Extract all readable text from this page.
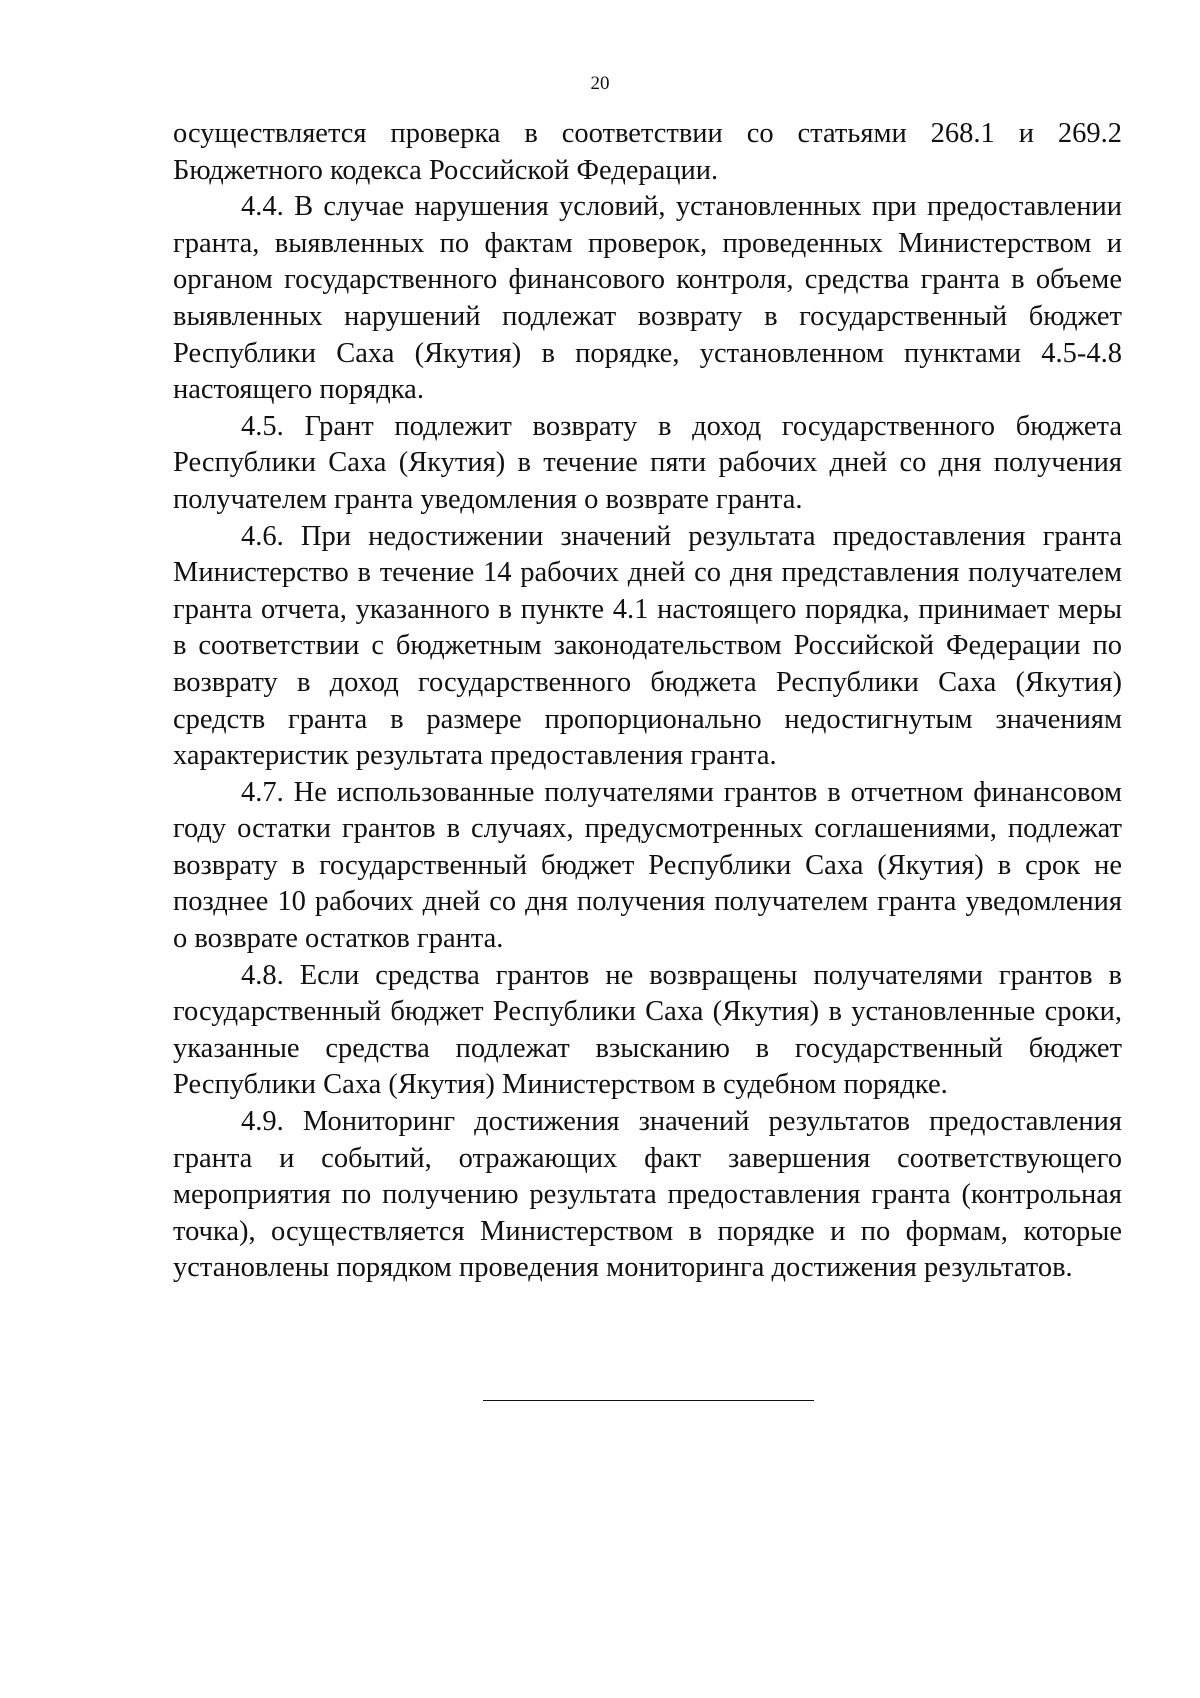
20

осуществляется проверка в соответствии со статьями 268.1 и 269.2 Бюджетного кодекса Российской Федерации.

4.4. В случае нарушения условий, установленных при предоставлении гранта, выявленных по фактам проверок, проведенных Министерством и органом государственного финансового контроля, средства гранта в объеме выявленных нарушений подлежат возврату в государственный бюджет Республики Саха (Якутия) в порядке, установленном пунктами 4.5-4.8 настоящего порядка.

4.5. Грант подлежит возврату в доход государственного бюджета Республики Саха (Якутия) в течение пяти рабочих дней со дня получения получателем гранта уведомления о возврате гранта.

4.6. При недостижении значений результата предоставления гранта Министерство в течение 14 рабочих дней со дня представления получателем гранта отчета, указанного в пункте 4.1 настоящего порядка, принимает меры в соответствии с бюджетным законодательством Российской Федерации по возврату в доход государственного бюджета Республики Саха (Якутия) средств гранта в размере пропорционально недостигнутым значениям характеристик результата предоставления гранта.

4.7. Не использованные получателями грантов в отчетном финансовом году остатки грантов в случаях, предусмотренных соглашениями, подлежат возврату в государственный бюджет Республики Саха (Якутия) в срок не позднее 10 рабочих дней со дня получения получателем гранта уведомления о возврате остатков гранта.

4.8. Если средства грантов не возвращены получателями грантов в государственный бюджет Республики Саха (Якутия) в установленные сроки, указанные средства подлежат взысканию в государственный бюджет Республики Саха (Якутия) Министерством в судебном порядке.

4.9. Мониторинг достижения значений результатов предоставления гранта и событий, отражающих факт завершения соответствующего мероприятия по получению результата предоставления гранта (контрольная точка), осуществляется Министерством в порядке и по формам, которые установлены порядком проведения мониторинга достижения результатов.
